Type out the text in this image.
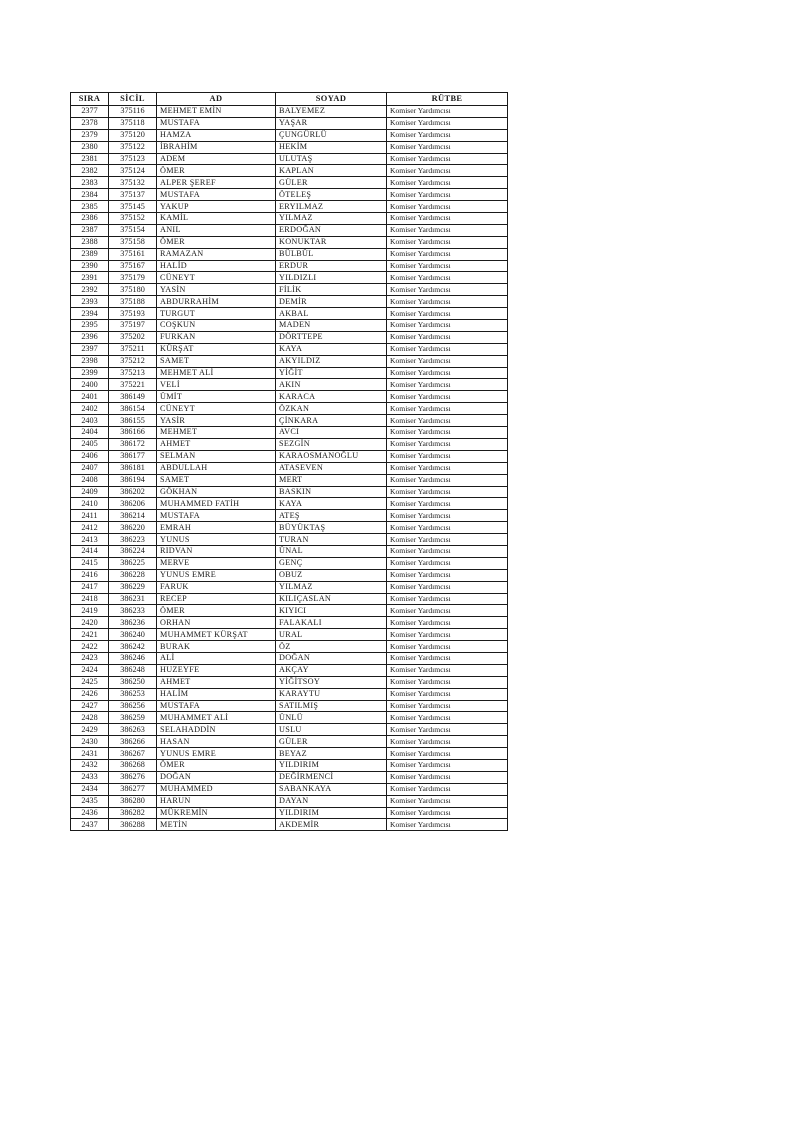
SIRA	SİCİL	AD	SOYAD	RÜTBE
2377	375116	MEHMET EMİN	BALYEMEZ	Komiser Yardımcısı
2378	375118	MUSTAFA	YAŞAR	Komiser Yardımcısı
2379	375120	HAMZA	ÇUNGÜRLÜ	Komiser Yardımcısı
2380	375122	İBRAHİM	HEKİM	Komiser Yardımcısı
2381	375123	ADEM	ULUTAŞ	Komiser Yardımcısı
2382	375124	ÖMER	KAPLAN	Komiser Yardımcısı
2383	375132	ALPER ŞEREF	GÜLER	Komiser Yardımcısı
2384	375137	MUSTAFA	ÖTELEŞ	Komiser Yardımcısı
2385	375145	YAKUP	ERYILMAZ	Komiser Yardımcısı
2386	375152	KAMİL	YILMAZ	Komiser Yardımcısı
2387	375154	ANIL	ERDOĞAN	Komiser Yardımcısı
2388	375158	ÖMER	KONUKTAR	Komiser Yardımcısı
2389	375161	RAMAZAN	BÜLBÜL	Komiser Yardımcısı
2390	375167	HALİD	ERDUR	Komiser Yardımcısı
2391	375179	CÜNEYT	YILDIZLI	Komiser Yardımcısı
2392	375180	YASİN	FİLİK	Komiser Yardımcısı
2393	375188	ABDURRAHİM	DEMİR	Komiser Yardımcısı
2394	375193	TURGUT	AKBAL	Komiser Yardımcısı
2395	375197	COŞKUN	MADEN	Komiser Yardımcısı
2396	375202	FURKAN	DÖRTTEPE	Komiser Yardımcısı
2397	375211	KÜRŞAT	KAYA	Komiser Yardımcısı
2398	375212	SAMET	AKYILDIZ	Komiser Yardımcısı
2399	375213	MEHMET ALİ	YİĞİT	Komiser Yardımcısı
2400	375221	VELİ	AKIN	Komiser Yardımcısı
2401	386149	ÜMİT	KARACA	Komiser Yardımcısı
2402	386154	CÜNEYT	ÖZKAN	Komiser Yardımcısı
2403	386155	YASİR	ÇİNKARA	Komiser Yardımcısı
2404	386166	MEHMET	AVCI	Komiser Yardımcısı
2405	386172	AHMET	SEZGİN	Komiser Yardımcısı
2406	386177	SELMAN	KARAOSMANOĞLU	Komiser Yardımcısı
2407	386181	ABDULLAH	ATASEVEN	Komiser Yardımcısı
2408	386194	SAMET	MERT	Komiser Yardımcısı
2409	386202	GÖKHAN	BASKIN	Komiser Yardımcısı
2410	386206	MUHAMMED FATİH	KAYA	Komiser Yardımcısı
2411	386214	MUSTAFA	ATEŞ	Komiser Yardımcısı
2412	386220	EMRAH	BÜYÜKTAŞ	Komiser Yardımcısı
2413	386223	YUNUS	TURAN	Komiser Yardımcısı
2414	386224	RIDVAN	ÜNAL	Komiser Yardımcısı
2415	386225	MERVE	GENÇ	Komiser Yardımcısı
2416	386228	YUNUS EMRE	OBUZ	Komiser Yardımcısı
2417	386229	FARUK	YILMAZ	Komiser Yardımcısı
2418	386231	RECEP	KILIÇASLAN	Komiser Yardımcısı
2419	386233	ÖMER	KIYICI	Komiser Yardımcısı
2420	386236	ORHAN	FALAKALI	Komiser Yardımcısı
2421	386240	MUHAMMET KÜRŞAT	URAL	Komiser Yardımcısı
2422	386242	BURAK	ÖZ	Komiser Yardımcısı
2423	386246	ALİ	DOĞAN	Komiser Yardımcısı
2424	386248	HUZEYFE	AKÇAY	Komiser Yardımcısı
2425	386250	AHMET	YİĞİTSOY	Komiser Yardımcısı
2426	386253	HALİM	KARAYTU	Komiser Yardımcısı
2427	386256	MUSTAFA	SATILMIŞ	Komiser Yardımcısı
2428	386259	MUHAMMET ALİ	ÜNLÜ	Komiser Yardımcısı
2429	386263	SELAHADDİN	USLU	Komiser Yardımcısı
2430	386266	HASAN	GÜLER	Komiser Yardımcısı
2431	386267	YUNUS EMRE	BEYAZ	Komiser Yardımcısı
2432	386268	ÖMER	YILDIRIM	Komiser Yardımcısı
2433	386276	DOĞAN	DEĞİRMENCİ	Komiser Yardımcısı
2434	386277	MUHAMMED	SABANKAYA	Komiser Yardımcısı
2435	386280	HARUN	DAYAN	Komiser Yardımcısı
2436	386282	MÜKREMİN	YILDIRIM	Komiser Yardımcısı
2437	386288	METİN	AKDEMİR	Komiser Yardımcısı
